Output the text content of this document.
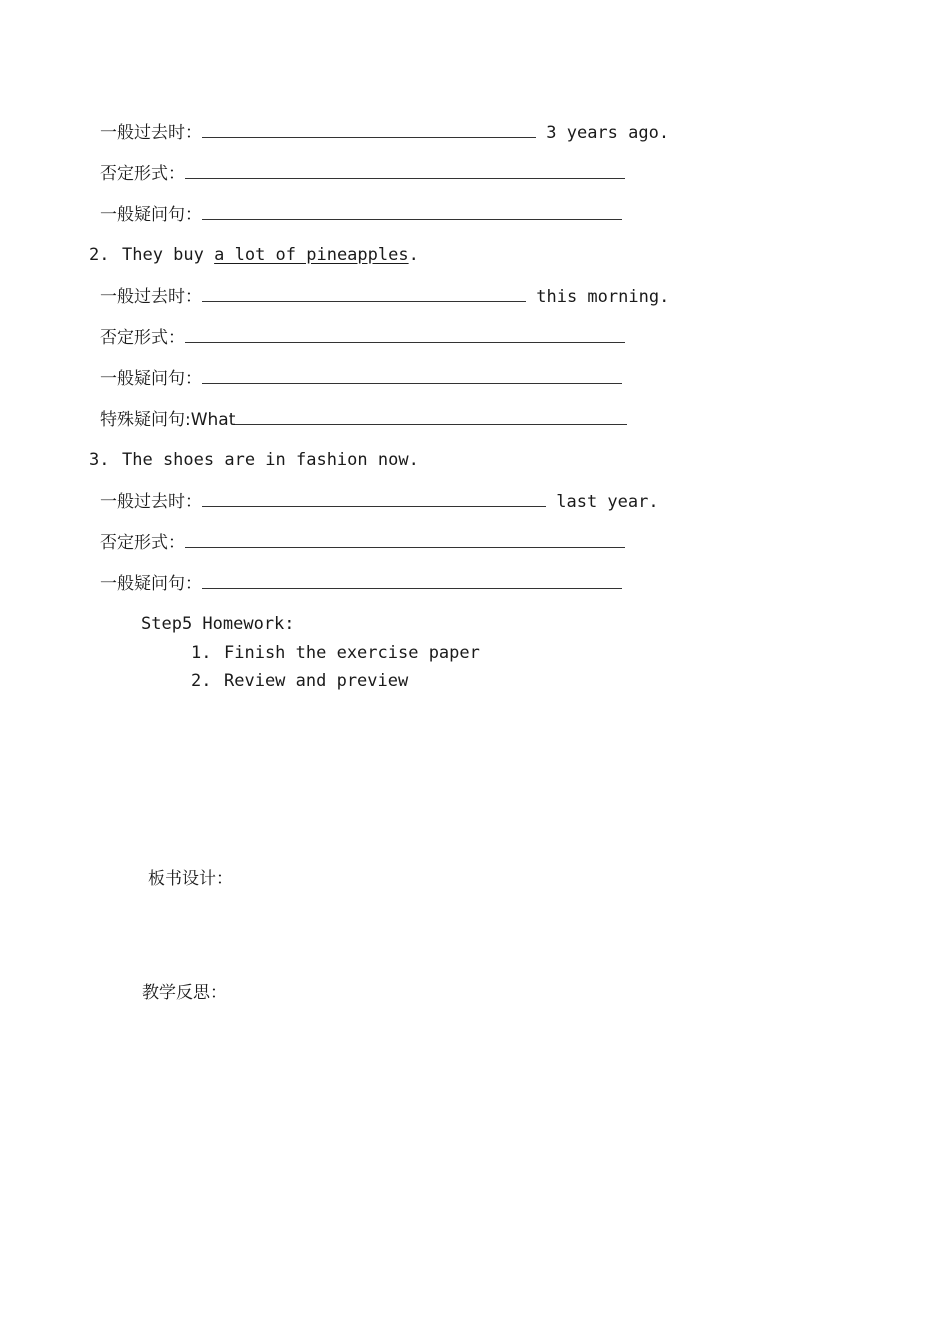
一般过去时：	3 years ago.
否定形式：
一般疑问句：
2. They buy a lot of pineapples.
一般过去时：	this morning.
否定形式：
一般疑问句：
特殊疑问句:What
3. The shoes are in fashion now.
一般过去时：	last year.
否定形式：
一般疑问句：
Step5 Homework:
1. Finish the exercise paper
2. Review and preview
板书设计：
教学反思：
